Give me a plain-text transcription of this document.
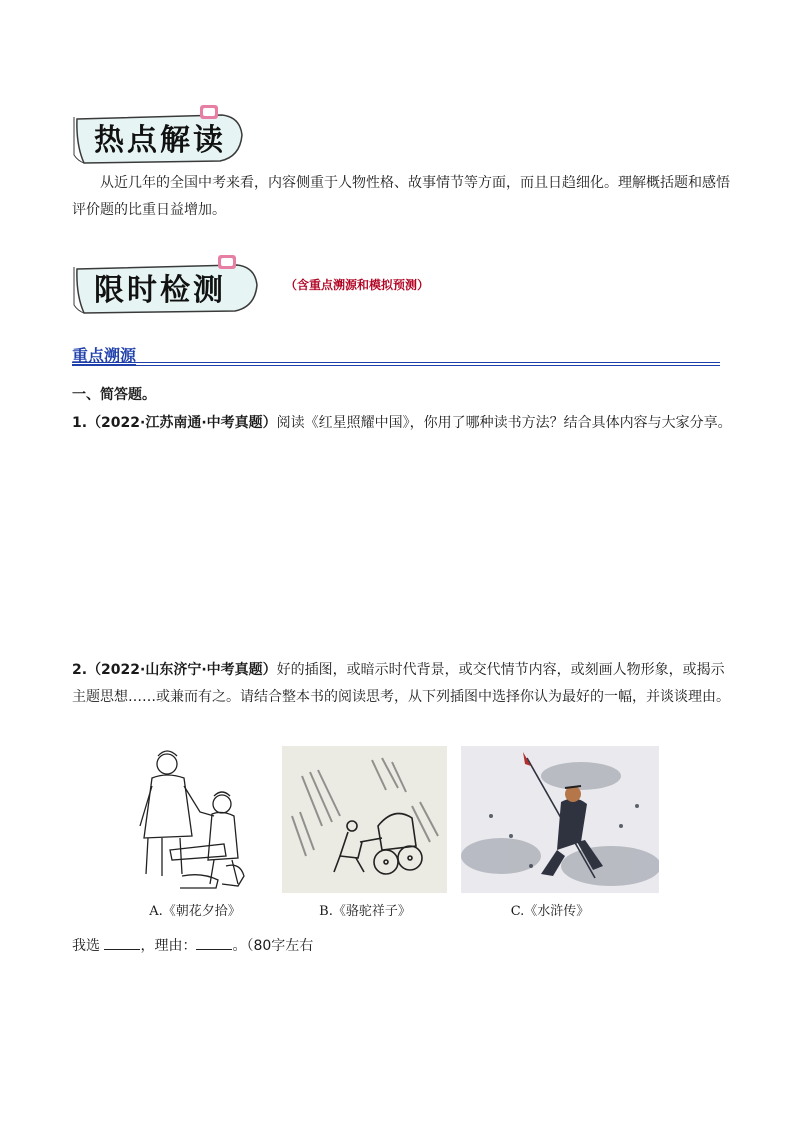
热点解读

从近几年的全国中考来看，内容侧重于人物性格、故事情节等方面，而且日趋细化。理解概括题和感悟评价题的比重日益增加。

限时检测	（含重点溯源和模拟预测）
重点溯源
一、简答题。

1.（2022·江苏南通·中考真题）阅读《红星照耀中国》，你用了哪种读书方法？结合具体内容与大家分享。

2.（2022·山东济宁·中考真题）好的插图，或暗示时代背景，或交代情节内容，或刻画人物形象，或揭示主题思想……或兼而有之。请结合整本书的阅读思考，从下列插图中选择你认为最好的一幅，并谈谈理由。

A.《朝花夕拾》	B.《骆驼祥子》	C.《水浒传》
我选	，理由：	。（80字左右
